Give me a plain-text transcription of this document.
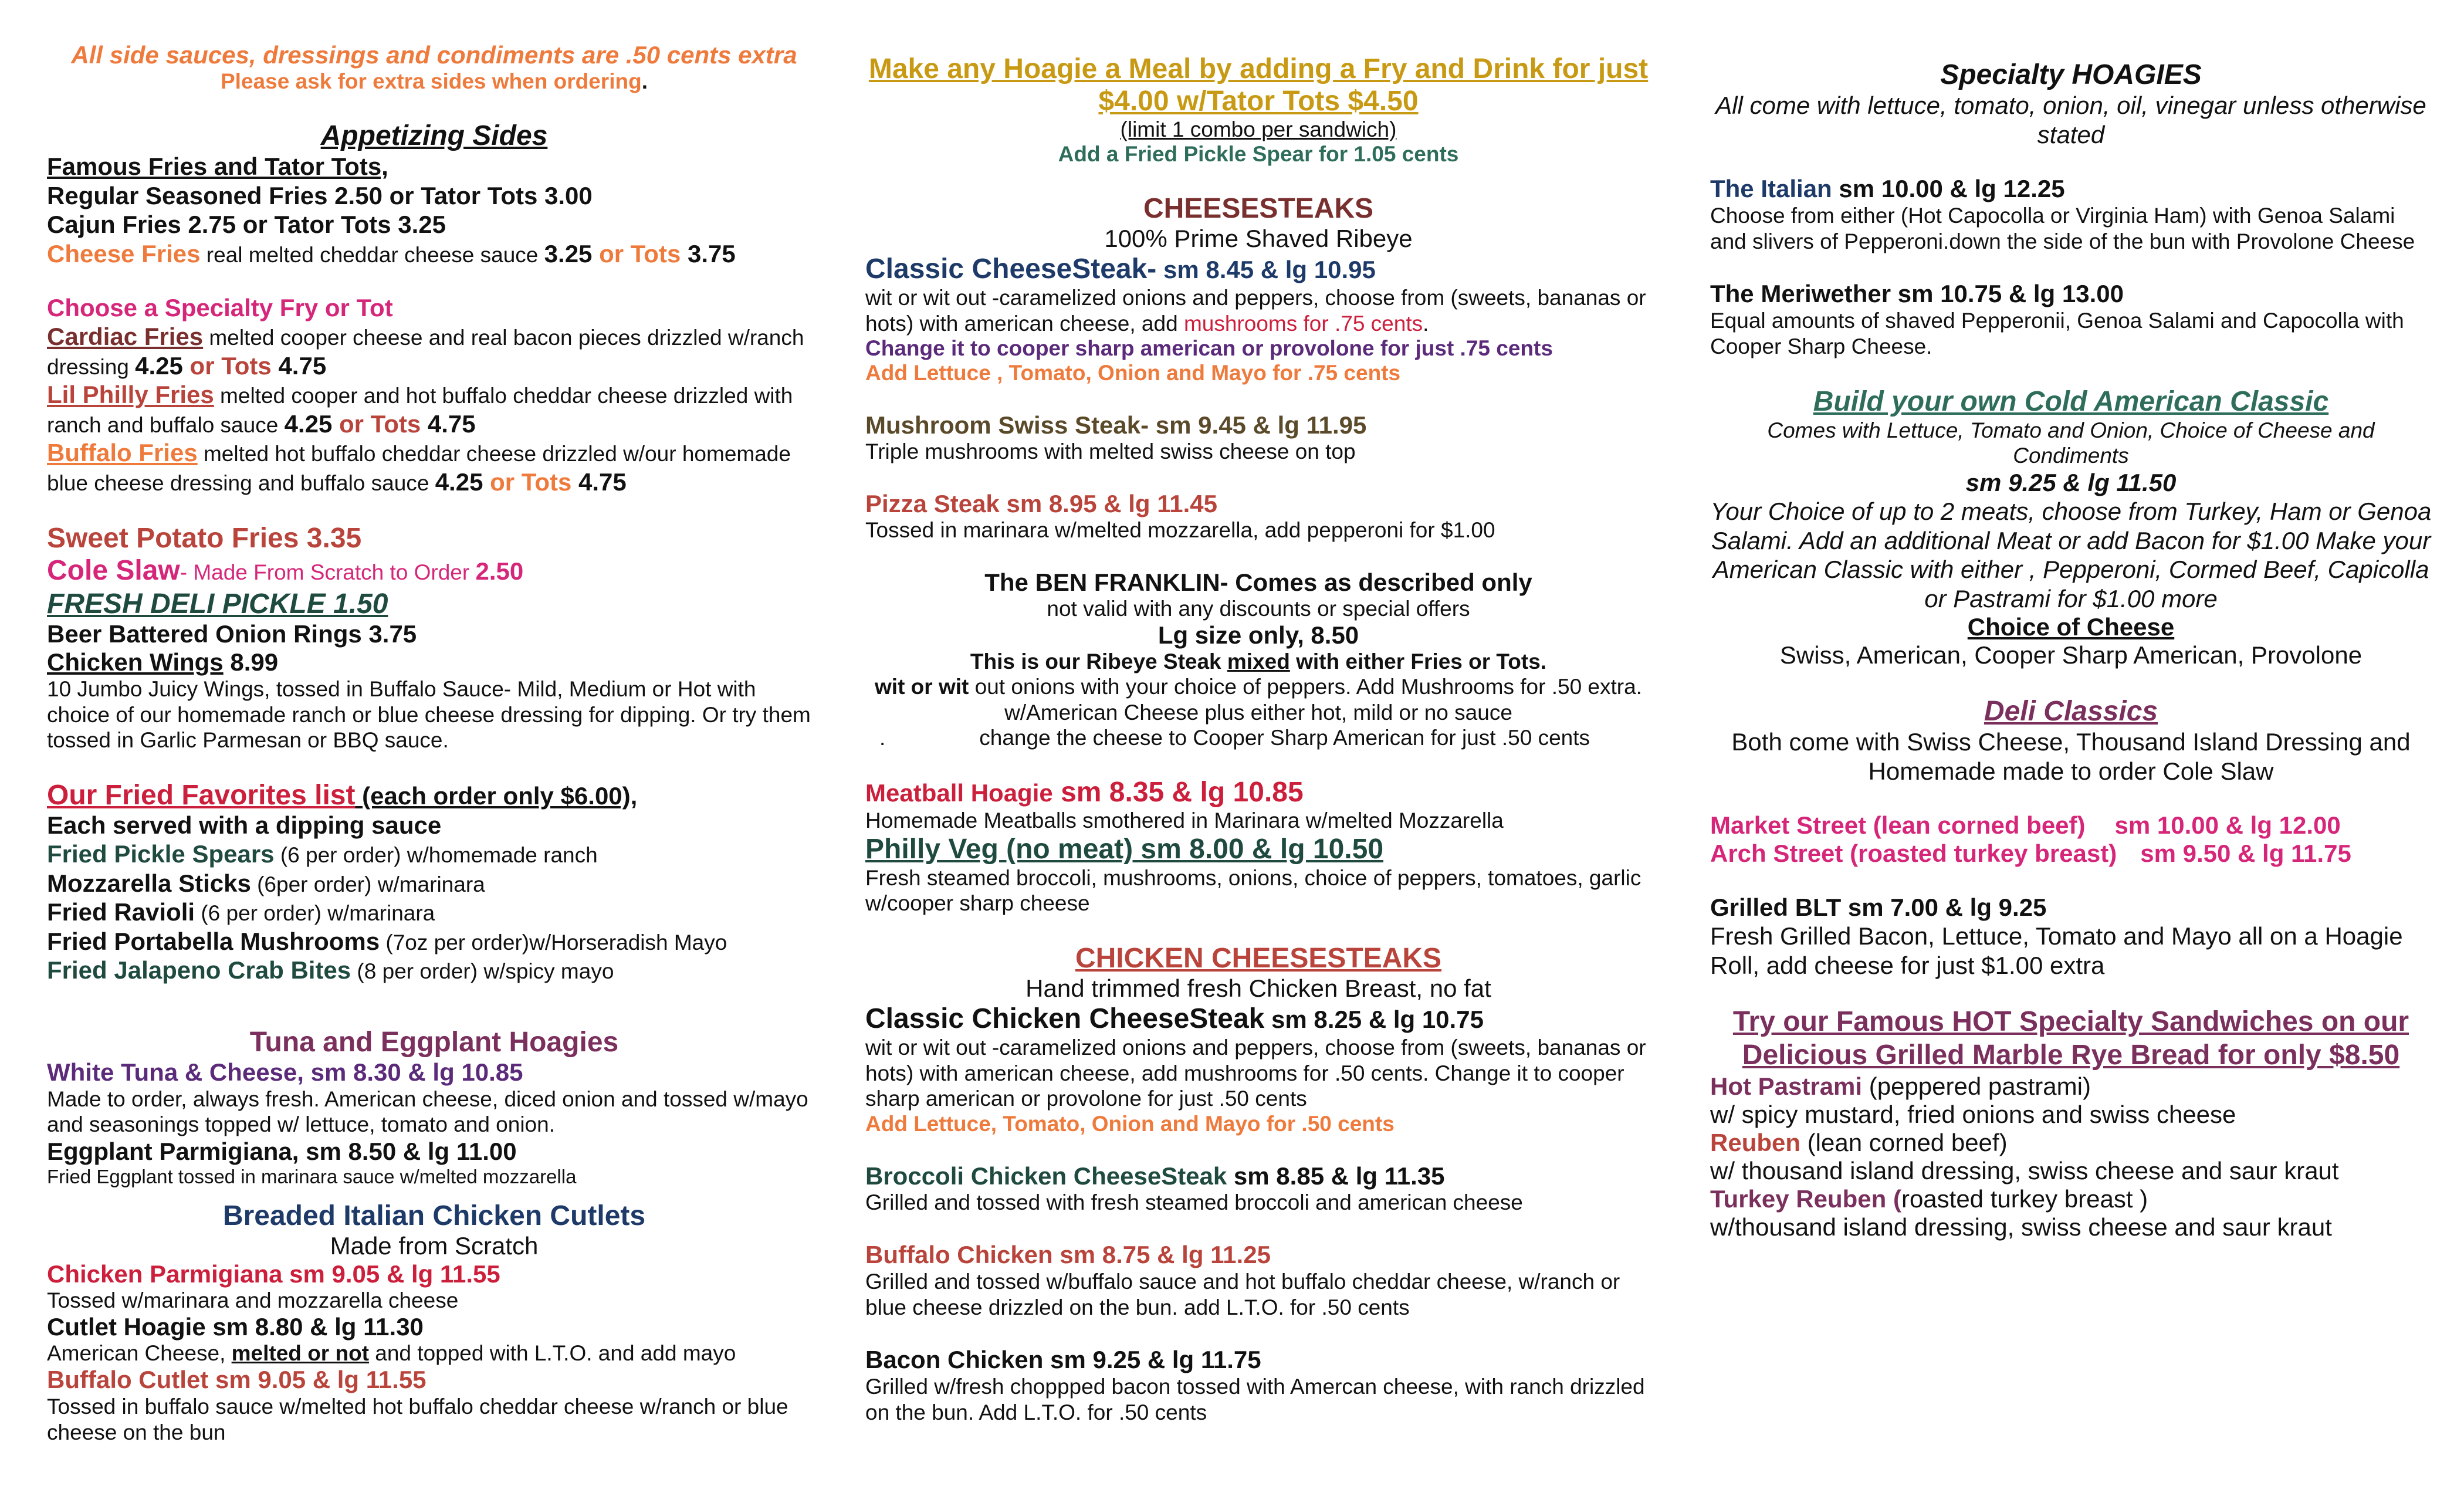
All side sauces, dressings and condiments are .50 cents extra

Please ask for extra sides when ordering.

Appetizing Sides

Famous Fries and Tator Tots,

Regular Seasoned Fries 2.50 or Tator Tots 3.00

Cajun Fries 2.75 or Tator Tots 3.25

Cheese Fries real melted cheddar cheese sauce 3.25 or Tots 3.75

Choose a Specialty Fry or Tot

Cardiac Fries melted cooper cheese and real bacon pieces drizzled w/ranch dressing 4.25 or Tots 4.75

Lil Philly Fries melted cooper and hot buffalo cheddar cheese drizzled with ranch and buffalo sauce 4.25 or Tots 4.75

Buffalo Fries melted hot buffalo cheddar cheese drizzled w/our homemade blue cheese dressing and buffalo sauce 4.25 or Tots 4.75

Sweet Potato Fries 3.35

Cole Slaw- Made From Scratch to Order 2.50

FRESH DELI PICKLE 1.50

Beer Battered Onion Rings 3.75

Chicken Wings 8.99

10 Jumbo Juicy Wings, tossed in Buffalo Sauce- Mild, Medium or Hot with choice of our homemade ranch or blue cheese dressing for dipping. Or try them tossed in Garlic Parmesan or BBQ sauce.

Our Fried Favorites list (each order only $6.00),

Each served with a dipping sauce

Fried Pickle Spears (6 per order) w/homemade ranch

Mozzarella Sticks (6per order) w/marinara

Fried Ravioli (6 per order) w/marinara

Fried Portabella Mushrooms (7oz per order)w/Horseradish Mayo

Fried Jalapeno Crab Bites (8 per order) w/spicy mayo

Tuna and Eggplant Hoagies

White Tuna & Cheese, sm 8.30 & lg 10.85

Made to order, always fresh. American cheese, diced onion and tossed w/mayo and seasonings topped w/ lettuce, tomato and onion.

Eggplant Parmigiana, sm 8.50 & lg 11.00

Fried Eggplant tossed in marinara sauce w/melted mozzarella

Breaded Italian Chicken Cutlets

Made from Scratch

Chicken Parmigiana sm 9.05 & lg 11.55

Tossed w/marinara and mozzarella cheese

Cutlet Hoagie sm 8.80 & lg 11.30

American Cheese, melted or not and topped with L.T.O. and add mayo

Buffalo Cutlet sm 9.05 & lg 11.55

Tossed in buffalo sauce w/melted hot buffalo cheddar cheese w/ranch or blue cheese on the bun

Make any Hoagie a Meal by adding a Fry and Drink for just

$4.00 w/Tator Tots $4.50

(limit 1 combo per sandwich)

Add a Fried Pickle Spear for 1.05 cents

CHEESESTEAKS

100% Prime Shaved Ribeye

Classic CheeseSteak- sm 8.45 & lg 10.95

wit or wit out -caramelized onions and peppers, choose from (sweets, bananas or hots) with american cheese, add mushrooms for .75 cents.

Change it to cooper sharp american or provolone for just .75 cents

Add Lettuce , Tomato, Onion and Mayo for .75 cents

Mushroom Swiss Steak- sm 9.45 & lg 11.95

Triple mushrooms with melted swiss cheese on top

Pizza Steak sm 8.95 & lg 11.45

Tossed in marinara w/melted mozzarella, add pepperoni for $1.00

The BEN FRANKLIN- Comes as described only

not valid with any discounts or special offers

Lg size only, 8.50

This is our Ribeye Steak mixed with either Fries or Tots.

wit or wit out onions with your choice of peppers. Add Mushrooms for .50 extra. w/American Cheese plus either hot, mild or no sauce

.	change the cheese to Cooper Sharp American for just .50 cents

Meatball Hoagie sm 8.35 & lg 10.85

Homemade Meatballs smothered in Marinara w/melted Mozzarella

Philly Veg (no meat) sm 8.00 & lg 10.50

Fresh steamed broccoli, mushrooms, onions, choice of peppers, tomatoes, garlic w/cooper sharp cheese

CHICKEN CHEESESTEAKS

Hand trimmed fresh Chicken Breast, no fat

Classic Chicken CheeseSteak sm 8.25 & lg 10.75

wit or wit out -caramelized onions and peppers, choose from (sweets, bananas or hots) with american cheese, add mushrooms for .50 cents. Change it to cooper sharp american or provolone for just .50 cents

Add Lettuce, Tomato, Onion and Mayo for .50 cents

Broccoli Chicken CheeseSteak sm 8.85 & lg 11.35

Grilled and tossed with fresh steamed broccoli and american cheese

Buffalo Chicken sm 8.75 & lg 11.25

Grilled and tossed w/buffalo sauce and hot buffalo cheddar cheese, w/ranch or blue cheese drizzled on the bun. add L.T.O. for .50 cents

Bacon Chicken sm 9.25 & lg 11.75

Grilled w/fresh choppped bacon tossed with Amercan cheese, with ranch drizzled on the bun. Add L.T.O. for .50 cents

Specialty HOAGIES

All come with lettuce, tomato, onion, oil, vinegar unless otherwise stated

The Italian sm 10.00 & lg 12.25

Choose from either (Hot Capocolla or Virginia Ham) with Genoa Salami and slivers of Pepperoni.down the side of the bun with Provolone Cheese

The Meriwether sm 10.75 & lg 13.00

Equal amounts of shaved Pepperonii, Genoa Salami and Capocolla with Cooper Sharp Cheese.

Build your own Cold American Classic

Comes with Lettuce, Tomato and Onion, Choice of Cheese and Condiments

sm 9.25 & lg 11.50

Your Choice of up to 2 meats, choose from Turkey, Ham or Genoa Salami. Add an additional Meat or add Bacon for $1.00 Make your American Classic with either , Pepperoni, Cormed Beef, Capicolla or Pastrami for $1.00 more

Choice of Cheese

Swiss, American, Cooper Sharp American, Provolone

Deli Classics

Both come with Swiss Cheese, Thousand Island Dressing and Homemade made to order Cole Slaw

Market Street (lean corned beef) sm 10.00 & lg 12.00

Arch Street (roasted turkey breast) sm 9.50 & lg 11.75

Grilled BLT sm 7.00 & lg 9.25

Fresh Grilled Bacon, Lettuce, Tomato and Mayo all on a Hoagie Roll, add cheese for just $1.00 extra

Try our Famous HOT Specialty Sandwiches on our Delicious Grilled Marble Rye Bread for only $8.50

Hot Pastrami (peppered pastrami)

w/ spicy mustard, fried onions and swiss cheese

Reuben (lean corned beef)

w/ thousand island dressing, swiss cheese and saur kraut

Turkey Reuben (roasted turkey breast )

w/thousand island dressing, swiss cheese and saur kraut
